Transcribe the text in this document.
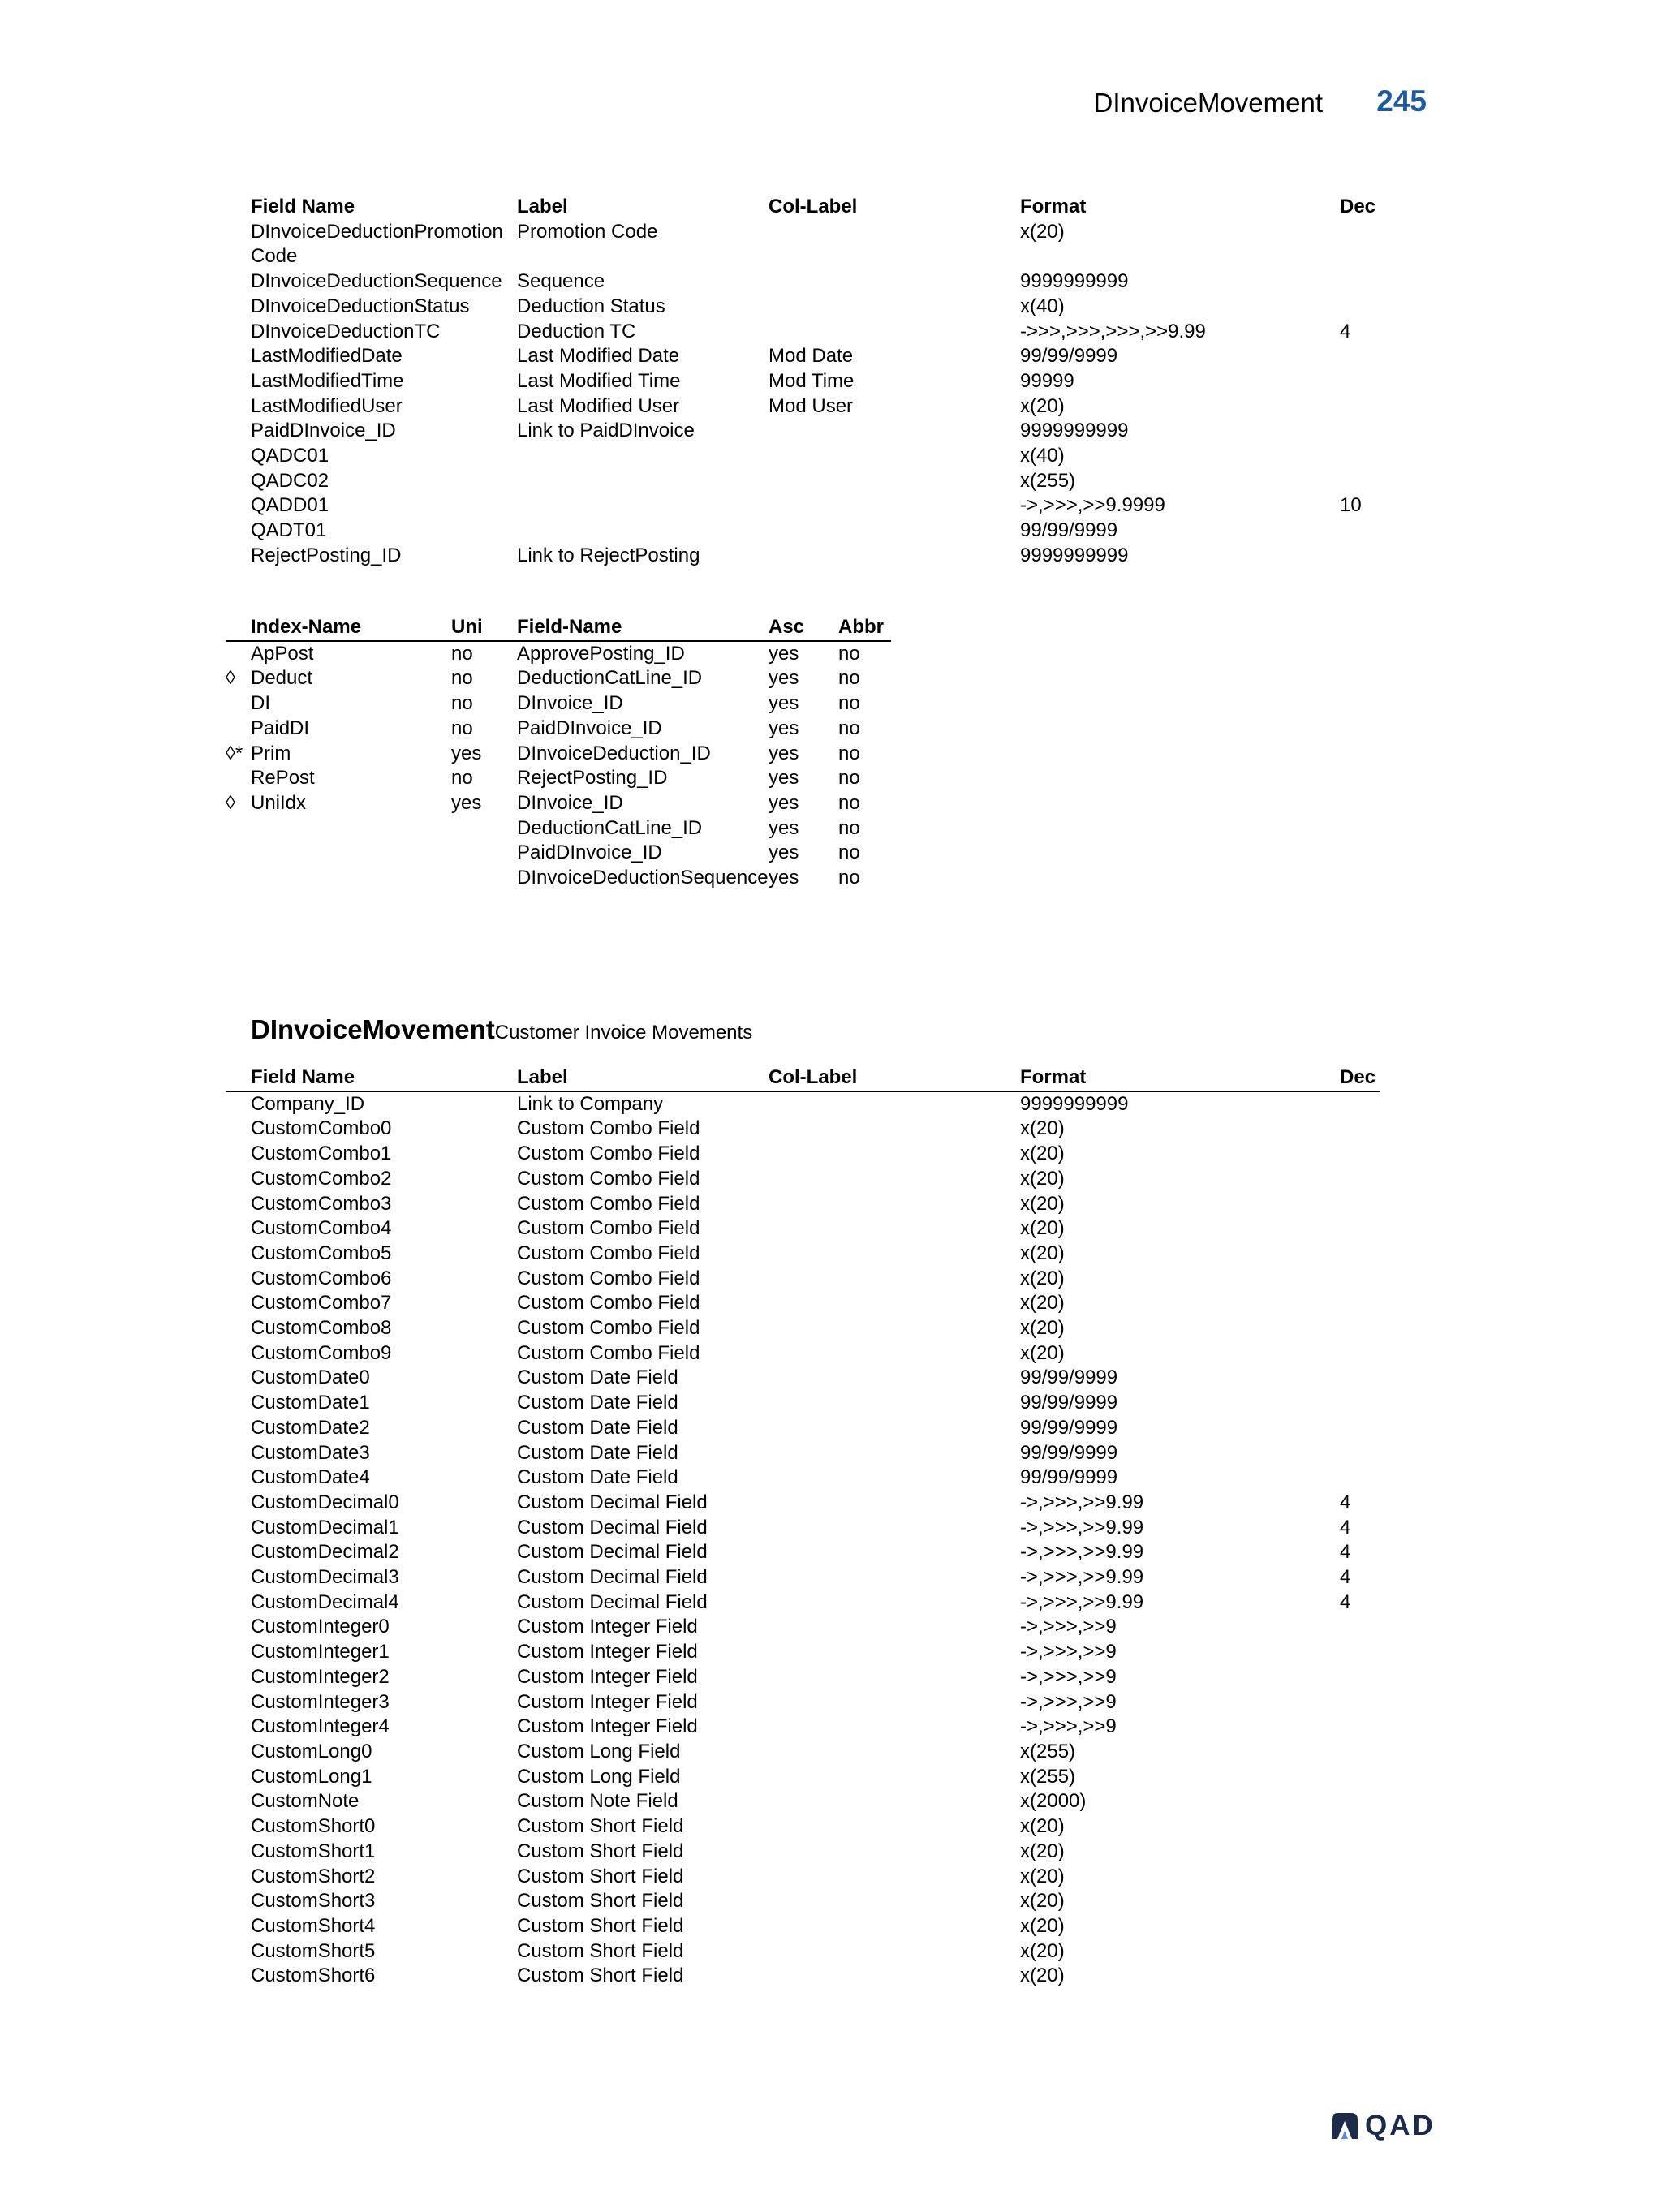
DInvoiceMovement 245
	Field Name	Label	Col-Label	Format	Dec
	DInvoiceDeductionPromotionCode	Promotion Code		x(20)	
	DInvoiceDeductionSequence	Sequence		9999999999	
	DInvoiceDeductionStatus	Deduction Status		x(40)	
	DInvoiceDeductionTC	Deduction TC		->>>,>>>,>>>,>>9.99	4
	LastModifiedDate	Last Modified Date	Mod Date	99/99/9999	
	LastModifiedTime	Last Modified Time	Mod Time	99999	
	LastModifiedUser	Last Modified User	Mod User	x(20)	
	PaidDInvoice_ID	Link to PaidDInvoice		9999999999	
	QADC01			x(40)	
	QADC02			x(255)	
	QADD01			->,>>>,>>9.9999	10
	QADT01			99/99/9999	
	RejectPosting_ID	Link to RejectPosting		9999999999	
	Index-Name	Uni	Field-Name	Asc	Abbr
	ApPost	no	ApprovePosting_ID	yes	no
◊	Deduct	no	DeductionCatLine_ID	yes	no
	DI	no	DInvoice_ID	yes	no
	PaidDI	no	PaidDInvoice_ID	yes	no
◊*	Prim	yes	DInvoiceDeduction_ID	yes	no
	RePost	no	RejectPosting_ID	yes	no
◊	UniIdx	yes	DInvoice_ID	yes	no
			DeductionCatLine_ID	yes	no
			PaidDInvoice_ID	yes	no
			DInvoiceDeductionSequence	yes	no
DInvoiceMovementCustomer Invoice Movements
	Field Name	Label	Col-Label	Format	Dec
	Company_ID	Link to Company		9999999999	
	CustomCombo0	Custom Combo Field		x(20)	
	CustomCombo1	Custom Combo Field		x(20)	
	CustomCombo2	Custom Combo Field		x(20)	
	CustomCombo3	Custom Combo Field		x(20)	
	CustomCombo4	Custom Combo Field		x(20)	
	CustomCombo5	Custom Combo Field		x(20)	
	CustomCombo6	Custom Combo Field		x(20)	
	CustomCombo7	Custom Combo Field		x(20)	
	CustomCombo8	Custom Combo Field		x(20)	
	CustomCombo9	Custom Combo Field		x(20)	
	CustomDate0	Custom Date Field		99/99/9999	
	CustomDate1	Custom Date Field		99/99/9999	
	CustomDate2	Custom Date Field		99/99/9999	
	CustomDate3	Custom Date Field		99/99/9999	
	CustomDate4	Custom Date Field		99/99/9999	
	CustomDecimal0	Custom Decimal Field		->,>>>,>>9.99	4
	CustomDecimal1	Custom Decimal Field		->,>>>,>>9.99	4
	CustomDecimal2	Custom Decimal Field		->,>>>,>>9.99	4
	CustomDecimal3	Custom Decimal Field		->,>>>,>>9.99	4
	CustomDecimal4	Custom Decimal Field		->,>>>,>>9.99	4
	CustomInteger0	Custom Integer Field		->,>>>,>>9	
	CustomInteger1	Custom Integer Field		->,>>>,>>9	
	CustomInteger2	Custom Integer Field		->,>>>,>>9	
	CustomInteger3	Custom Integer Field		->,>>>,>>9	
	CustomInteger4	Custom Integer Field		->,>>>,>>9	
	CustomLong0	Custom Long Field		x(255)	
	CustomLong1	Custom Long Field		x(255)	
	CustomNote	Custom Note Field		x(2000)	
	CustomShort0	Custom Short Field		x(20)	
	CustomShort1	Custom Short Field		x(20)	
	CustomShort2	Custom Short Field		x(20)	
	CustomShort3	Custom Short Field		x(20)	
	CustomShort4	Custom Short Field		x(20)	
	CustomShort5	Custom Short Field		x(20)	
	CustomShort6	Custom Short Field		x(20)	
QAD
